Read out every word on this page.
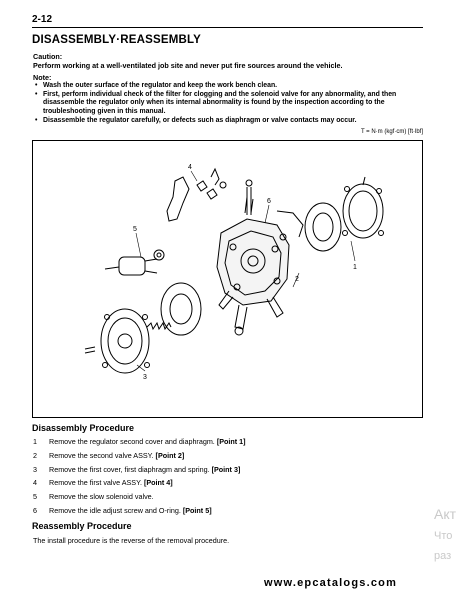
2-12
DISASSEMBLY·REASSEMBLY
Caution:
Perform working at a well-ventilated job site and never put fire sources around the vehicle.
Note:
• Wash the outer surface of the regulator and keep the work bench clean.
• First, perform individual check of the filter for clogging and the solenoid valve for any abnormality, and then disassemble the regulator only when its internal abnormality is found by the inspection according to the troubleshooting given in this manual.
• Disassemble the regulator carefully, or defects such as diaphragm or valve contacts may occur.
T = N·m (kgf·cm) [ft·lbf]
4
5
6
1
2
3
Disassembly Procedure
1 Remove the regulator second cover and diaphragm. [Point 1]
2 Remove the second valve ASSY. [Point 2]
3 Remove the first cover, first diaphragm and spring. [Point 3]
4 Remove the first valve ASSY. [Point 4]
5 Remove the slow solenoid valve.
6 Remove the idle adjust screw and O-ring. [Point 5]
Reassembly Procedure
The install procedure is the reverse of the removal procedure.
www.epcatalogs.com
Акт
Что
раз
